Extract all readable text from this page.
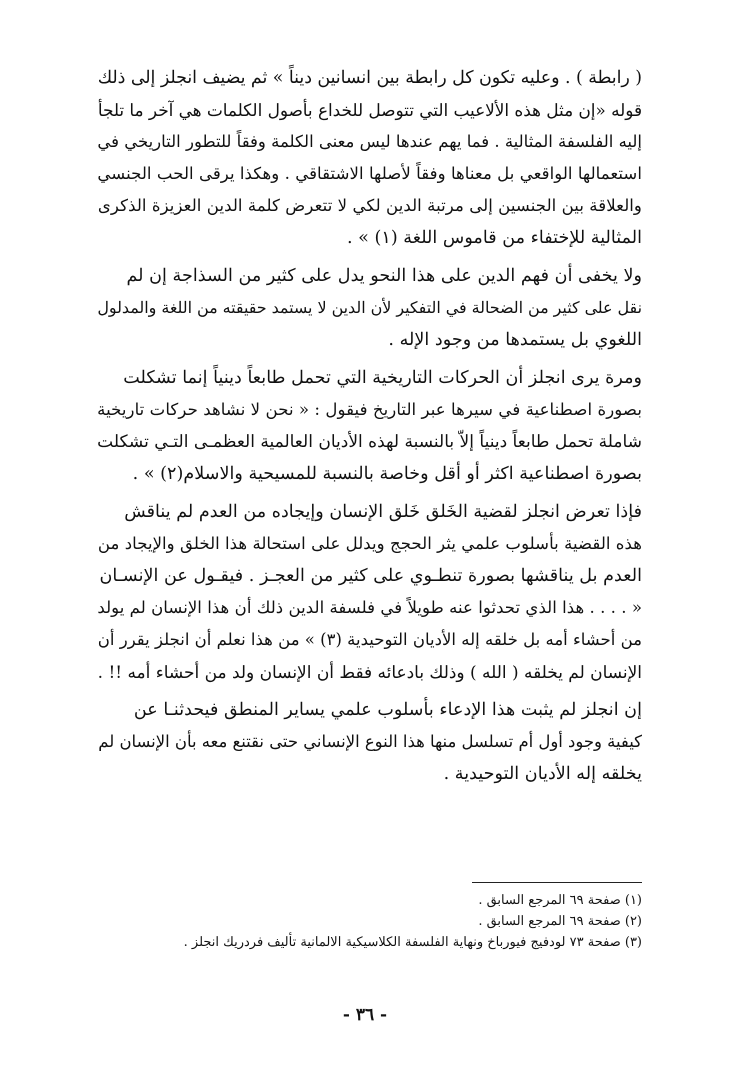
( رابطة ) . وعليه تكون كل رابطة بين انسانين ديناً » ثم يضيف انجلز إلى ذلك
قوله «إن مثل هذه الألاعيب التي تتوصل للخداع بأصول الكلمات هي آخر ما تلجأ
إليه الفلسفة المثالية . فما يهم عندها ليس معنى الكلمة وفقاً للتطور التاريخي في
استعمالها الواقعي بل معناها وفقاً لأصلها الاشتقاقي . وهكذا يرقى الحب الجنسي
والعلاقة بين الجنسين إلى مرتبة الدين لكي لا تتعرض كلمة الدين العزيزة الذكرى
المثالية للإختفاء من قاموس اللغة (١) » .

ولا يخفى أن فهم الدين على هذا النحو يدل على كثير من السذاجة إن لم
نقل على كثير من الضحالة في التفكير لأن الدين لا يستمد حقيقته من اللغة والمدلول
اللغوي بل يستمدها من وجود الإله .

ومرة يرى انجلز أن الحركات التاريخية التي تحمل طابعاً دينياً إنما تشكلت
بصورة اصطناعية في سيرها عبر التاريخ فيقول : « نحن لا نشاهد حركات تاريخية
شاملة تحمل طابعاً دينياً إلاّ بالنسبة لهذه الأديان العالمية العظمـى التـي تشكلت
بصورة اصطناعية اكثر أو أقل وخاصة بالنسبة للمسيحية والاسلام(٢) » .

فإذا تعرض انجلز لقضية الخَلق خَلق الإنسان وإيجاده من العدم لم يناقش
هذه القضية بأسلوب علمي يثر الحجج ويدلل على استحالة هذا الخلق والإيجاد من
العدم بل يناقشها بصورة تنطـوي على كثير من العجـز . فيقـول عن الإنسـان
« . . . . هذا الذي تحدثوا عنه طويلاً في فلسفة الدين ذلك أن هذا الإنسان لم يولد
من أحشاء أمه بل خلقه إله الأديان التوحيدية (٣) » من هذا نعلم أن انجلز يقرر أن
الإنسان لم يخلقه ( الله ) وذلك بادعائه فقط أن الإنسان ولد من أحشاء أمه !! .

إن انجلز لم يثبت هذا الإدعاء بأسلوب علمي يساير المنطق فيحدثنـا عن
كيفية وجود أول أم تسلسل منها هذا النوع الإنساني حتى نقتنع معه بأن الإنسان لم
يخلقه إله الأديان التوحيدية .

(١) صفحة ٦٩ المرجع السابق .
(٢) صفحة ٦٩ المرجع السابق .
(٣) صفحة ٧٣ لودفيج فيورباخ ونهاية الفلسفة الكلاسيكية الالمانية تأليف فردريك انجلز .
- ٣٦ -
